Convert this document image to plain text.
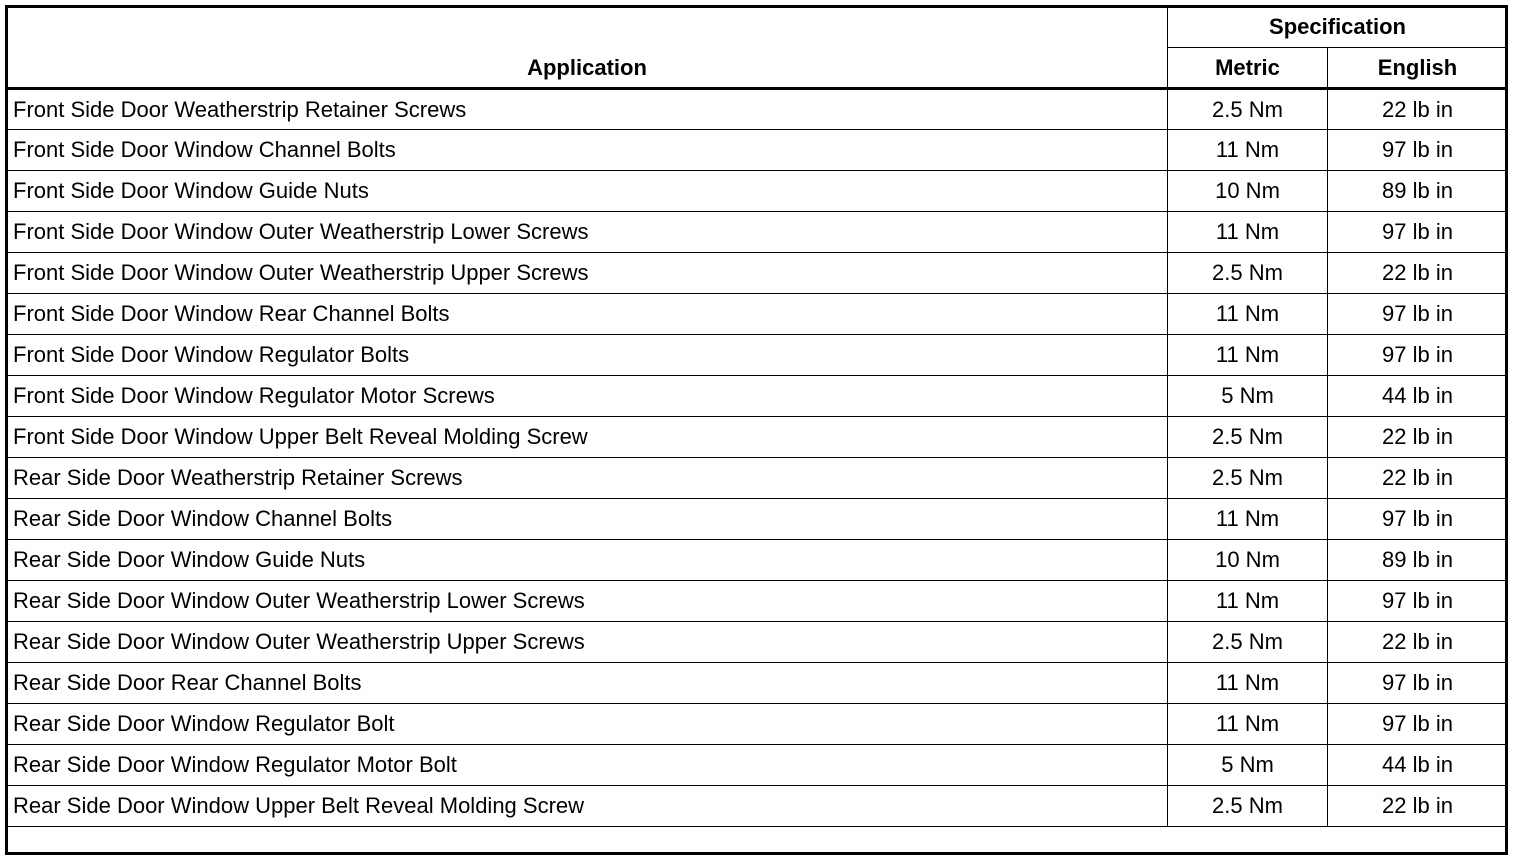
Application	Specification	
	Metric	English
Front Side Door Weatherstrip Retainer Screws	2.5 Nm	22 lb in
Front Side Door Window Channel Bolts	11 Nm	97 lb in
Front Side Door Window Guide Nuts	10 Nm	89 lb in
Front Side Door Window Outer Weatherstrip Lower Screws	11 Nm	97 lb in
Front Side Door Window Outer Weatherstrip Upper Screws	2.5 Nm	22 lb in
Front Side Door Window Rear Channel Bolts	11 Nm	97 lb in
Front Side Door Window Regulator Bolts	11 Nm	97 lb in
Front Side Door Window Regulator Motor Screws	5 Nm	44 lb in
Front Side Door Window Upper Belt Reveal Molding Screw	2.5 Nm	22 lb in
Rear Side Door Weatherstrip Retainer Screws	2.5 Nm	22 lb in
Rear Side Door Window Channel Bolts	11 Nm	97 lb in
Rear Side Door Window Guide Nuts	10 Nm	89 lb in
Rear Side Door Window Outer Weatherstrip Lower Screws	11 Nm	97 lb in
Rear Side Door Window Outer Weatherstrip Upper Screws	2.5 Nm	22 lb in
Rear Side Door Rear Channel Bolts	11 Nm	97 lb in
Rear Side Door Window Regulator Bolt	11 Nm	97 lb in
Rear Side Door Window Regulator Motor Bolt	5 Nm	44 lb in
Rear Side Door Window Upper Belt Reveal Molding Screw	2.5 Nm	22 lb in
